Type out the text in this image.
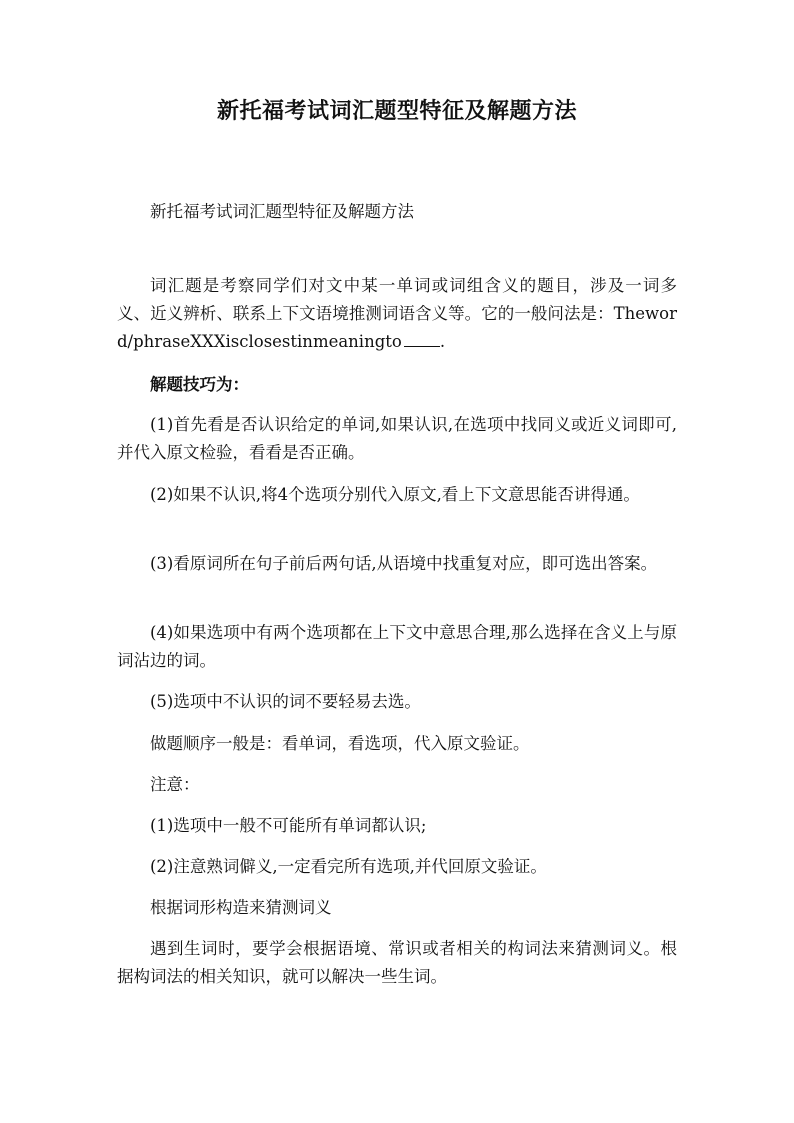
新托福考试词汇题型特征及解题方法
新托福考试词汇题型特征及解题方法
词汇题是考察同学们对文中某一单词或词组含义的题目，涉及一词多义、近义辨析、联系上下文语境推测词语含义等。它的一般问法是：Theword/phraseXXXisclosestinmeaningto .
解题技巧为：
(1)首先看是否认识给定的单词,如果认识,在选项中找同义或近义词即可,并代入原文检验，看看是否正确。
(2)如果不认识,将4个选项分别代入原文,看上下文意思能否讲得通。
(3)看原词所在句子前后两句话,从语境中找重复对应，即可选出答案。
(4)如果选项中有两个选项都在上下文中意思合理,那么选择在含义上与原词沾边的词。
(5)选项中不认识的词不要轻易去选。
做题顺序一般是：看单词，看选项，代入原文验证。
注意：
(1)选项中一般不可能所有单词都认识;
(2)注意熟词僻义,一定看完所有选项,并代回原文验证。
根据词形构造来猜测词义
遇到生词时，要学会根据语境、常识或者相关的构词法来猜测词义。根据构词法的相关知识，就可以解决一些生词。
